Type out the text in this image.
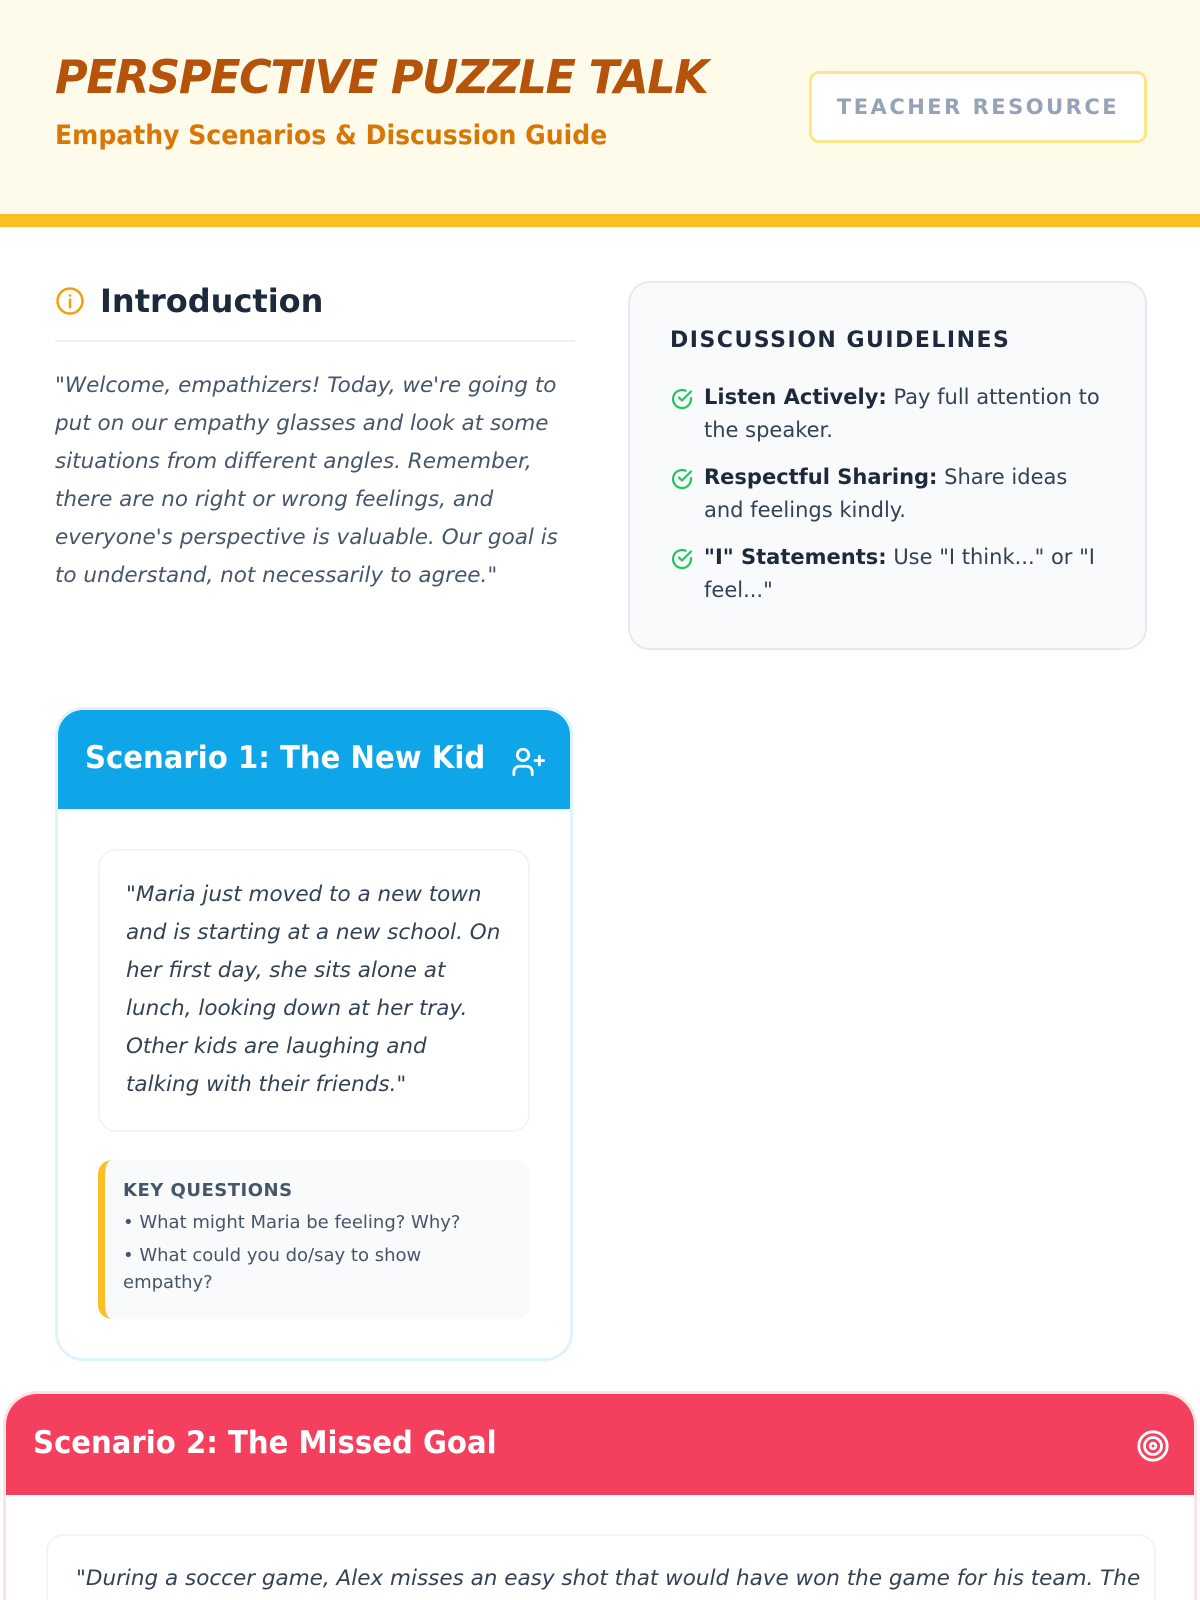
PERSPECTIVE PUZZLE TALK
Empathy Scenarios & Discussion Guide
TEACHER RESOURCE
Introduction
"Welcome, empathizers! Today, we're going to put on our empathy glasses and look at some situations from different angles. Remember, there are no right or wrong feelings, and everyone's perspective is valuable. Our goal is to understand, not necessarily to agree."
DISCUSSION GUIDELINES
Listen Actively: Pay full attention to the speaker.
Respectful Sharing: Share ideas and feelings kindly.
"I" Statements: Use "I think..." or "I feel..."
Scenario 1: The New Kid
"Maria just moved to a new town and is starting at a new school. On her first day, she sits alone at lunch, looking down at her tray. Other kids are laughing and talking with their friends."
KEY QUESTIONS
• What might Maria be feeling? Why?
• What could you do/say to show empathy?
Scenario 2: The Missed Goal
"During a soccer game, Alex misses an easy shot that would have won the game for his team. The
